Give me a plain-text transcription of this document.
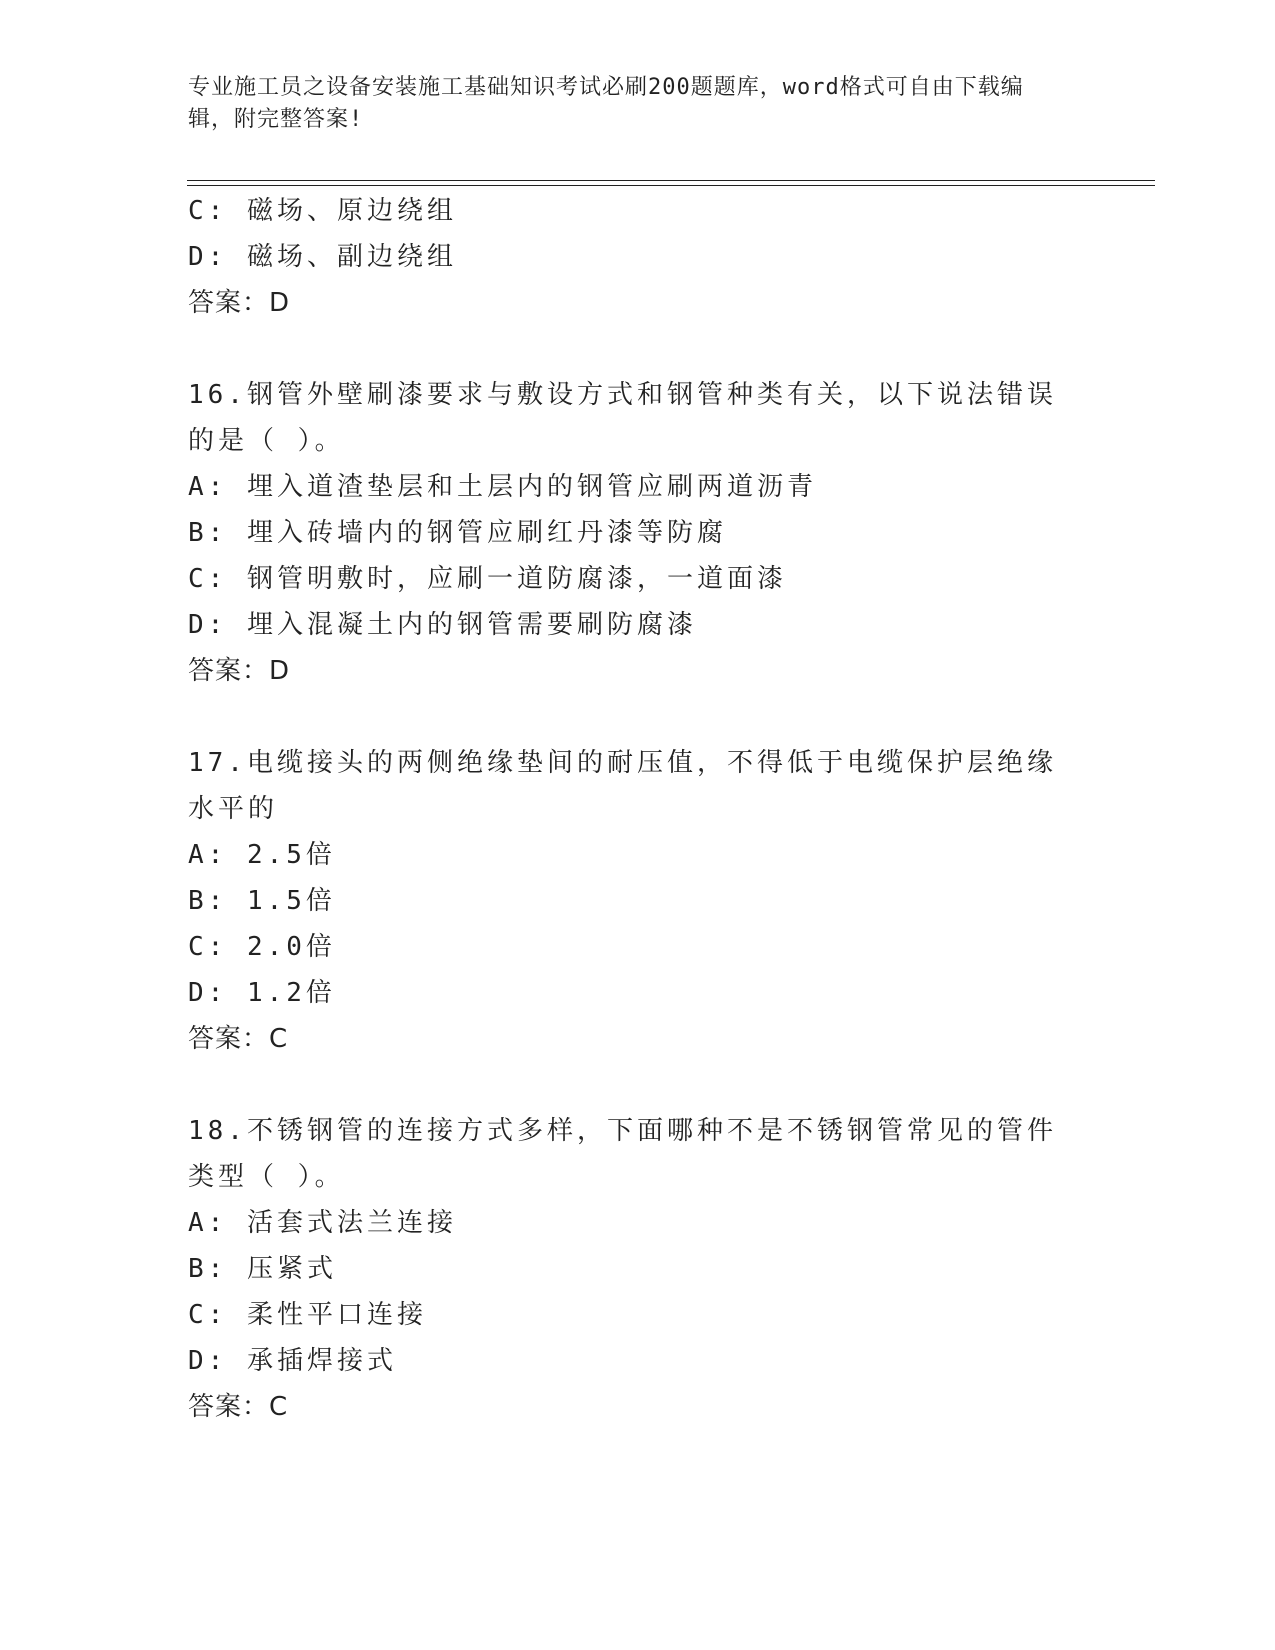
专业施工员之设备安装施工基础知识考试必刷200题题库，word格式可自由下载编辑，附完整答案!
C: 磁场、原边绕组
D: 磁场、副边绕组
答案：D
16.钢管外壁刷漆要求与敷设方式和钢管种类有关，以下说法错误的是（ ）。
A: 埋入道渣垫层和土层内的钢管应刷两道沥青
B: 埋入砖墙内的钢管应刷红丹漆等防腐
C: 钢管明敷时，应刷一道防腐漆，一道面漆
D: 埋入混凝土内的钢管需要刷防腐漆
答案：D
17.电缆接头的两侧绝缘垫间的耐压值，不得低于电缆保护层绝缘水平的
A: 2.5倍
B: 1.5倍
C: 2.0倍
D: 1.2倍
答案：C
18.不锈钢管的连接方式多样，下面哪种不是不锈钢管常见的管件类型（ ）。
A: 活套式法兰连接
B: 压紧式
C: 柔性平口连接
D: 承插焊接式
答案：C
